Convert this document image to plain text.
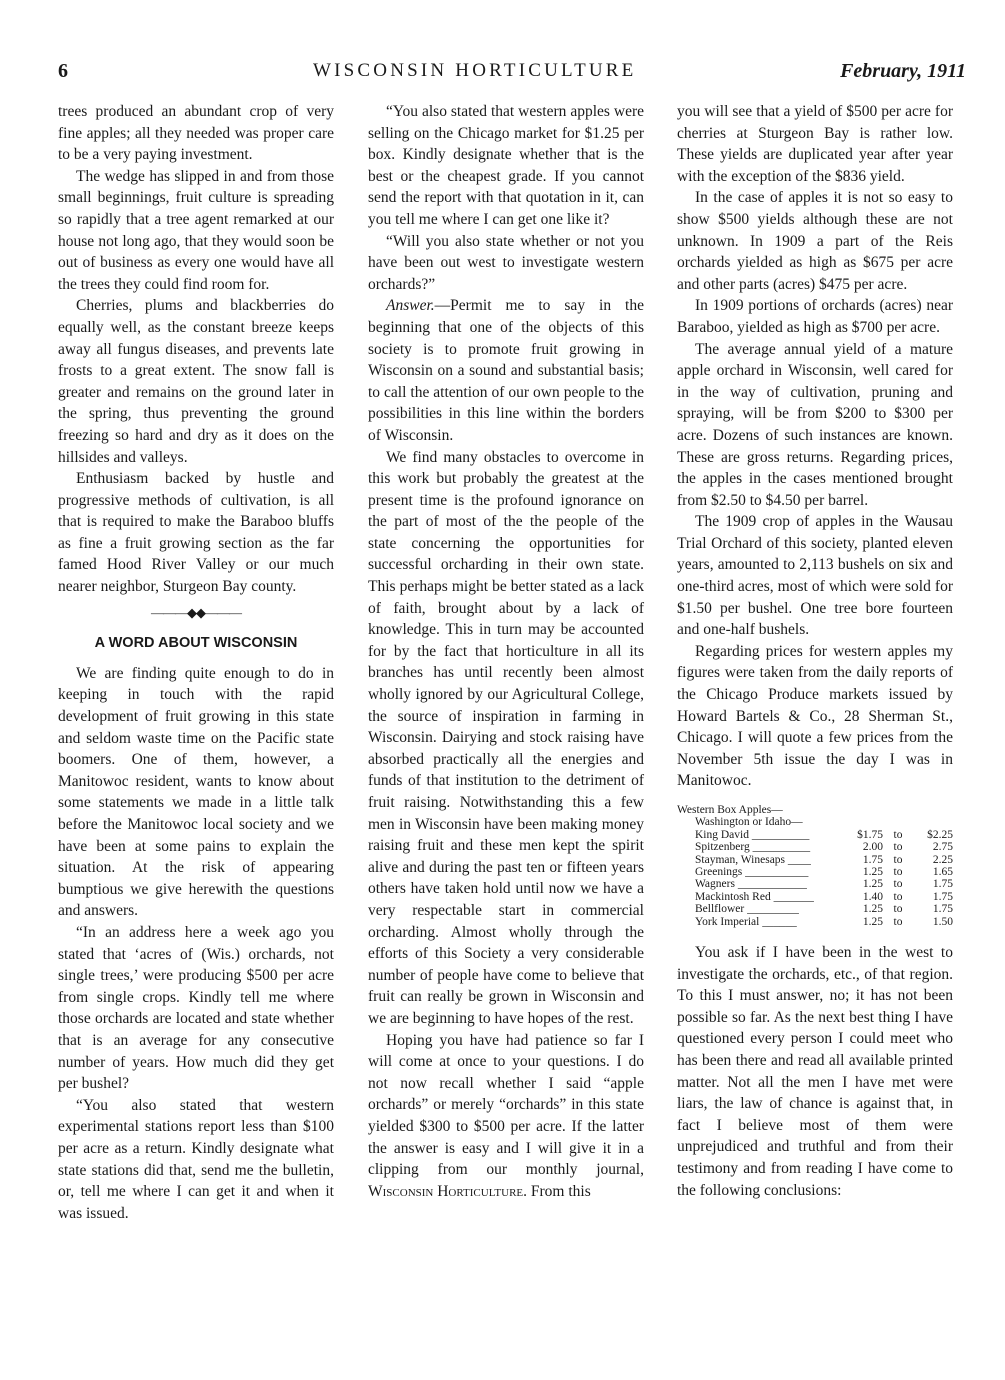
6	WISCONSIN HORTICULTURE	February, 1911

trees produced an abundant crop of very fine apples; all they needed was proper care to be a very paying investment.

The wedge has slipped in and from those small beginnings, fruit culture is spreading so rapidly that a tree agent remarked at our house not long ago, that they would soon be out of business as every one would have all the trees they could find room for.

Cherries, plums and blackberries do equally well, as the constant breeze keeps away all fungus diseases, and prevents late frosts to a great extent. The snow fall is greater and remains on the ground later in the spring, thus preventing the ground freezing so hard and dry as it does on the hillsides and valleys.

Enthusiasm backed by hustle and progressive methods of cultivation, is all that is required to make the Baraboo bluffs as fine a fruit growing section as the far famed Hood River Valley or our much nearer neighbor, Sturgeon Bay county.

———◆◆———
A WORD ABOUT WISCONSIN

We are finding quite enough to do in keeping in touch with the rapid development of fruit growing in this state and seldom waste time on the Pacific state boomers. One of them, however, a Manitowoc resident, wants to know about some statements we made in a little talk before the Manitowoc local society and we have been at some pains to explain the situation. At the risk of appearing bumptious we give herewith the questions and answers.

“In an address here a week ago you stated that ‘acres of (Wis.) orchards, not single trees,’ were producing $500 per acre from single crops. Kindly tell me where those orchards are located and state whether that is an average for any consecutive number of years. How much did they get per bushel?

“You also stated that western experimental stations report less than $100 per acre as a return. Kindly designate what state stations did that, send me the bulletin, or, tell me where I can get it and when it was issued.

“You also stated that western apples were selling on the Chicago market for $1.25 per box. Kindly designate whether that is the best or the cheapest grade. If you cannot send the report with that quotation in it, can you tell me where I can get one like it?

“Will you also state whether or not you have been out west to investigate western orchards?”

Answer.—Permit me to say in the beginning that one of the objects of this society is to promote fruit growing in Wisconsin on a sound and substantial basis; to call the attention of our own people to the possibilities in this line within the borders of Wisconsin.

We find many obstacles to overcome in this work but probably the greatest at the present time is the profound ignorance on the part of most of the the people of the state concerning the opportunities for successful orcharding in their own state. This perhaps might be better stated as a lack of faith, brought about by a lack of knowledge. This in turn may be accounted for by the fact that horticulture in all its branches has until recently been almost wholly ignored by our Agricultural College, the source of inspiration in farming in Wisconsin. Dairying and stock raising have absorbed practically all the energies and funds of that institution to the detriment of fruit raising. Notwithstanding this a few men in Wisconsin have been making money raising fruit and these men kept the spirit alive and during the past ten or fifteen years others have taken hold until now we have a very respectable start in commercial orcharding. Almost wholly through the efforts of this Society a very considerable number of people have come to believe that fruit can really be grown in Wisconsin and we are beginning to have hopes of the rest.

Hoping you have had patience so far I will come at once to your questions. I do not now recall whether I said “apple orchards” or merely “orchards” in this state yielded $300 to $500 per acre. If the latter the answer is easy and I will give it in a clipping from our monthly journal, Wisconsin Horticulture. From this

you will see that a yield of $500 per acre for cherries at Sturgeon Bay is rather low. These yields are duplicated year after year with the exception of the $836 yield.

In the case of apples it is not so easy to show $500 yields although these are not unknown. In 1909 a part of the Reis orchards yielded as high as $675 per acre and other parts (acres) $475 per acre.

In 1909 portions of orchards (acres) near Baraboo, yielded as high as $700 per acre.

The average annual yield of a mature apple orchard in Wisconsin, well cared for in the way of cultivation, pruning and spraying, will be from $200 to $300 per acre. Dozens of such instances are known. These are gross returns. Regarding prices, the apples in the cases mentioned brought from $2.50 to $4.50 per barrel.

The 1909 crop of apples in the Wausau Trial Orchard of this society, planted eleven years, amounted to 2,113 bushels on six and one-third acres, most of which were sold for $1.50 per bushel. One tree bore fourteen and one-half bushels.

Regarding prices for western apples my figures were taken from the daily reports of the Chicago Produce markets issued by Howard Bartels & Co., 28 Sherman St., Chicago. I will quote a few prices from the November 5th issue the day I was in Manitowoc.

Western Box Apples—
Washington or Idaho—
King David __________	$1.75	to	$2.25
Spitzenberg __________	2.00	to	2.75
Stayman, Winesaps ____	1.75	to	2.25
Greenings ___________	1.25	to	1.65
Wagners ____________	1.25	to	1.75
Mackintosh Red _______	1.40	to	1.75
Bellflower _________	1.25	to	1.75
York Imperial ______	1.25	to	1.50

You ask if I have been in the west to investigate the orchards, etc., of that region. To this I must answer, no; it has not been possible so far. As the next best thing I have questioned every person I could meet who has been there and read all available printed matter. Not all the men I have met were liars, the law of chance is against that, in fact I believe most of them were unprejudiced and truthful and from their testimony and from reading I have come to the following conclusions:
